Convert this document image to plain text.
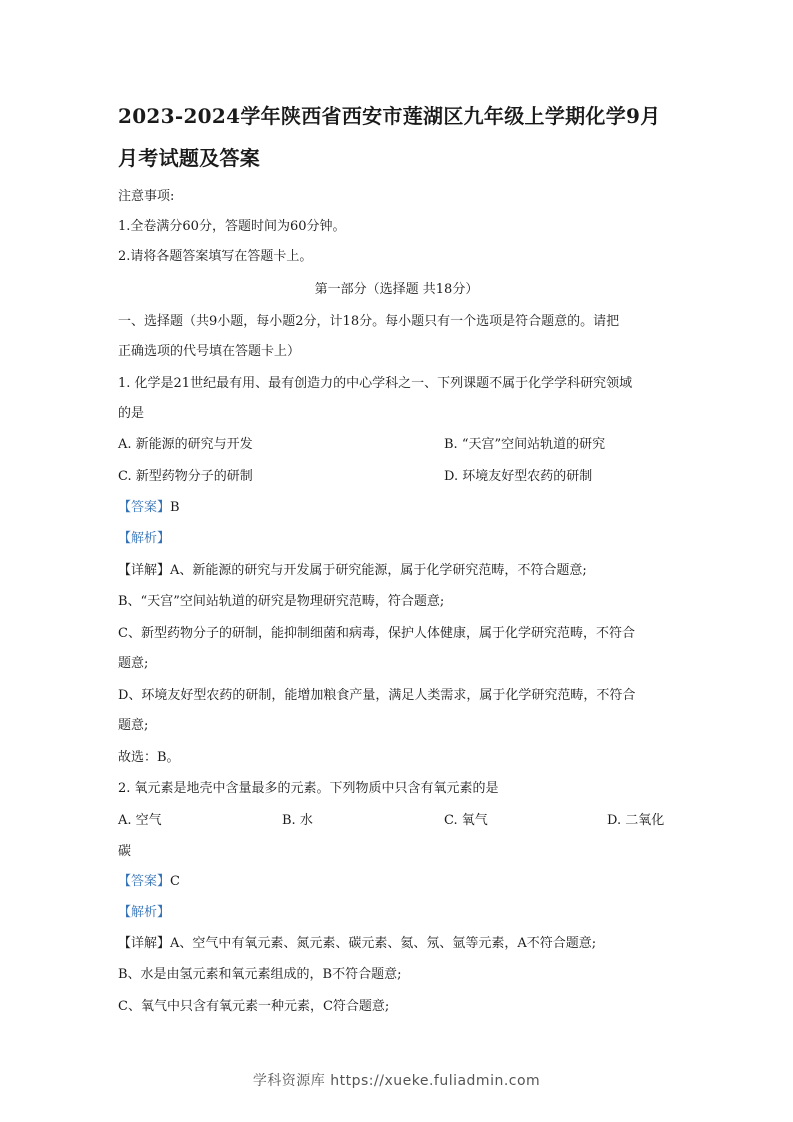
2023-2024学年陕西省西安市莲湖区九年级上学期化学9月
月考试题及答案
注意事项:
1.全卷满分60分，答题时间为60分钟。
2.请将各题答案填写在答题卡上。
第一部分（选择题 共18分）
一、选择题（共9小题，每小题2分，计18分。每小题只有一个选项是符合题意的。请把
正确选项的代号填在答题卡上）
1. 化学是21世纪最有用、最有创造力的中心学科之一、下列课题不属于化学学科研究领域
的是
A. 新能源的研究与开发	B. “天宫”空间站轨道的研究
C. 新型药物分子的研制	D. 环境友好型农药的研制
【答案】B
【解析】
【详解】A、新能源的研究与开发属于研究能源，属于化学研究范畴，不符合题意;
B、“天宫”空间站轨道的研究是物理研究范畴，符合题意;
C、新型药物分子的研制，能抑制细菌和病毒，保护人体健康，属于化学研究范畴，不符合
题意;
D、环境友好型农药的研制，能增加粮食产量，满足人类需求，属于化学研究范畴，不符合
题意;
故选：B。
2. 氧元素是地壳中含量最多的元素。下列物质中只含有氧元素的是
A. 空气	B. 水	C. 氧气	D. 二氧化
碳
【答案】C
【解析】
【详解】A、空气中有氧元素、氮元素、碳元素、氦、氖、氩等元素，A不符合题意;
B、水是由氢元素和氧元素组成的，B不符合题意;
C、氧气中只含有氧元素一种元素，C符合题意;
学科资源库 https://xueke.fuliadmin.com
